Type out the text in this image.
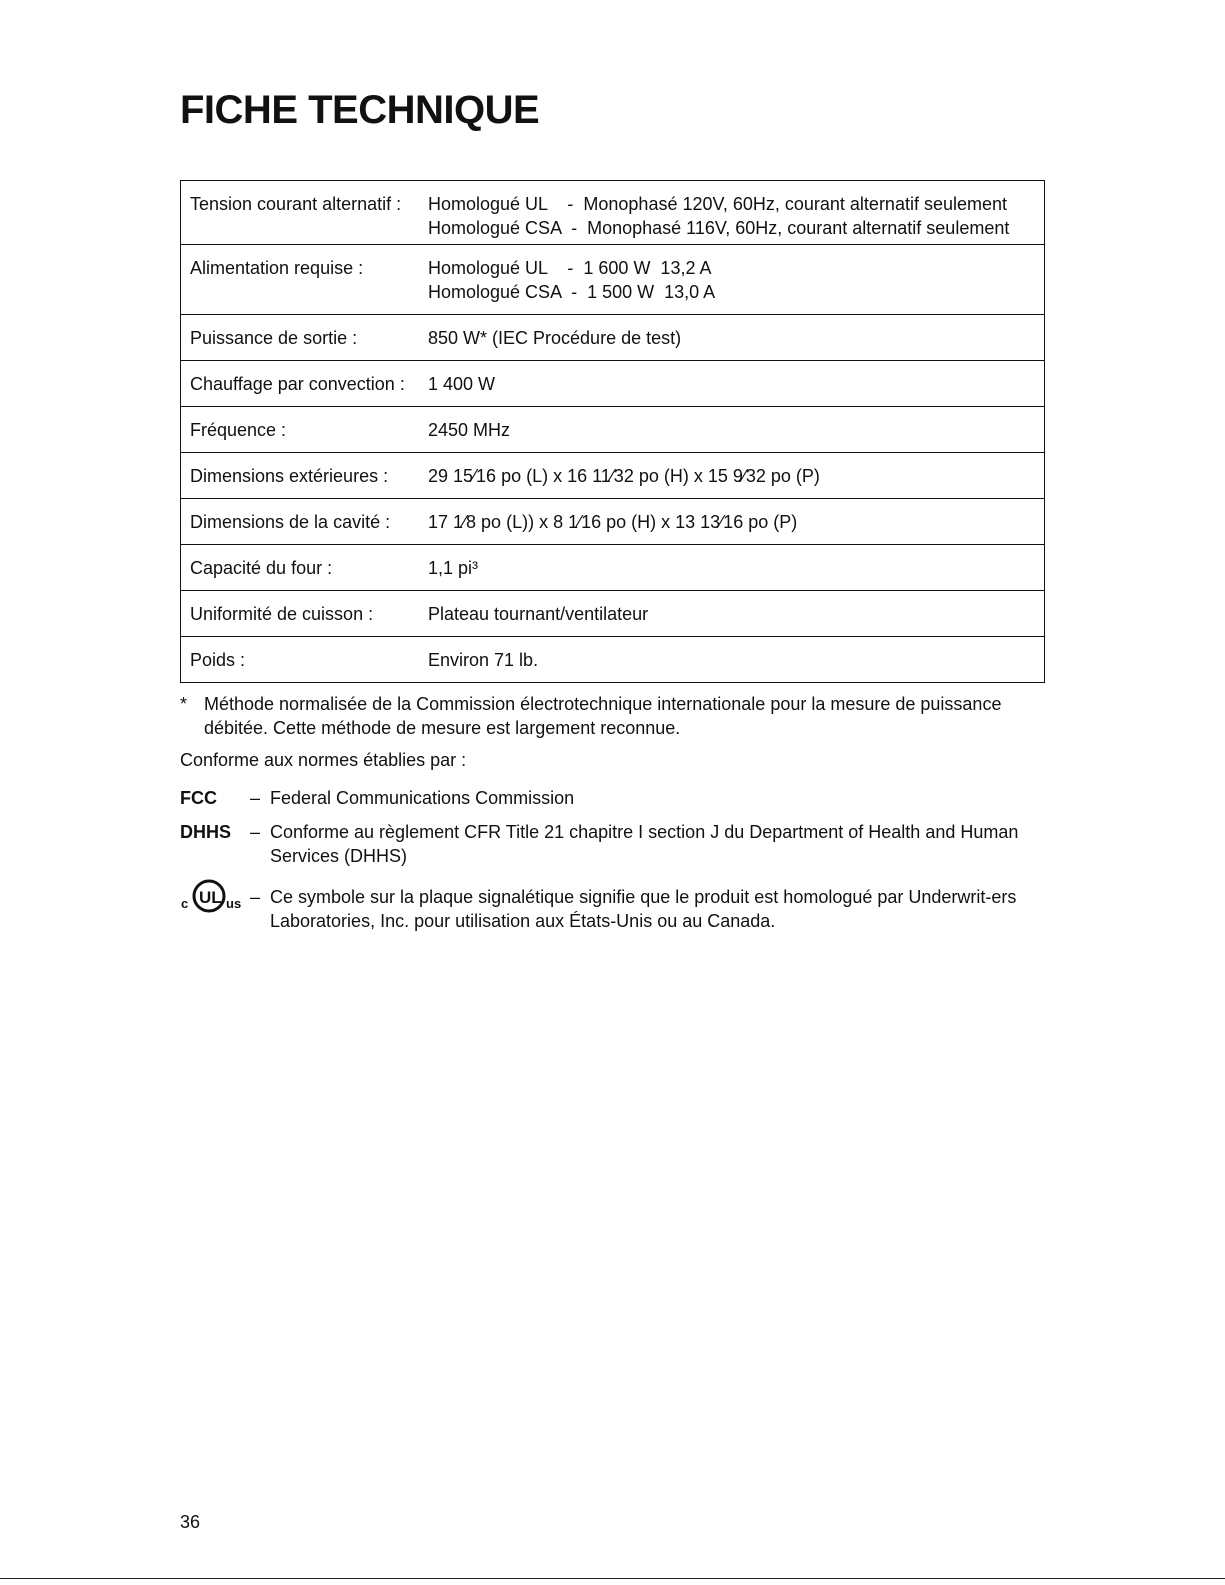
FICHE TECHNIQUE
Tension courant alternatif :	Homologué UL    -  Monophasé 120V, 60Hz, courant alternatif seulement
Homologué CSA  -  Monophasé 116V, 60Hz, courant alternatif seulement

Alimentation requise :	Homologué UL    -  1 600 W  13,2 A
Homologué CSA  -  1 500 W  13,0 A

Puissance de sortie :	850 W* (IEC Procédure de test)

Chauffage par convection :	1 400 W

Fréquence :	2450 MHz

Dimensions extérieures :	29 15⁄16 po (L) x 16 11⁄32 po (H) x 15 9⁄32 po (P)

Dimensions de la cavité :	17 1⁄8 po (L)) x 8 1⁄16 po (H) x 13 13⁄16 po (P)

Capacité du four :	1,1 pi³

Uniformité de cuisson :	Plateau tournant/ventilateur

Poids :	Environ 71 lb.
* Méthode normalisée de la Commission électrotechnique internationale pour la mesure de puissance débitée. Cette méthode de mesure est largement reconnue.
Conforme aux normes établies par :
FCC – Federal Communications Commission
DHHS – Conforme au règlement CFR Title 21 chapitre I section J du Department of Health and Human Services (DHHS)
c UL us – Ce symbole sur la plaque signalétique signifie que le produit est homologué par Underwrit-ers Laboratories, Inc. pour utilisation aux États-Unis ou au Canada.
36
